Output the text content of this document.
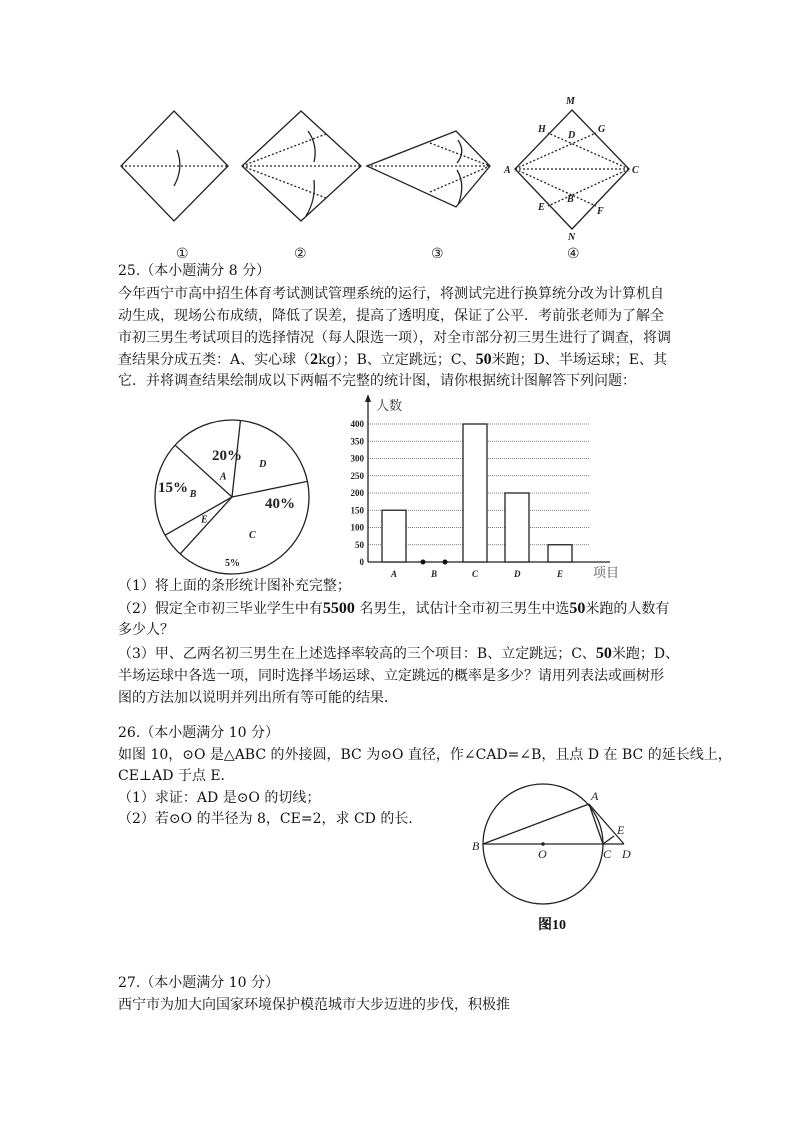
M
H
D
G
A	C
E
B
F
N
①	②	③	④
25.（本小题满分 8 分）
今年西宁市高中招生体育考试测试管理系统的运行，将测试完进行换算统分改为计算机自
动生成，现场公布成绩，降低了误差，提高了透明度，保证了公平．考前张老师为了解全
市初三男生考试项目的选择情况（每人限选一项），对全市部分初三男生进行了调查，将调
查结果分成五类：A、实心球（2kg）；B、立定跳远；C、50米跑；D、半场运球；E、其
它．并将调查结果绘制成以下两幅不完整的统计图，请你根据统计图解答下列问题：
A
15%
D
20%
C
40%
E
5%
B
0
50
100
150
200
250
300
350
400
人数
项目
A	B	C	D	E
（1）将上面的条形统计图补充完整；
（2）假定全市初三毕业学生中有5500 名男生，试估计全市初三男生中选50米跑的人数有
多少人？
（3）甲、乙两名初三男生在上述选择率较高的三个项目：B、立定跳远；C、50米跑；D、
半场运球中各选一项，同时选择半场运球、立定跳远的概率是多少？请用列表法或画树形
图的方法加以说明并列出所有等可能的结果．
26.（本小题满分 10 分）
如图 10，⊙O 是△ABC 的外接圆，BC 为⊙O 直径，作∠CAD=∠B，且点 D 在 BC 的延长线上，
CE⊥AD 于点 E．
（1）求证：AD 是⊙O 的切线；
（2）若⊙O 的半径为 8，CE=2，求 CD 的长．
A
B
O	C D
E
图10
27.（本小题满分 10 分）
西宁市为加大向国家环境保护模范城市大步迈进的步伐，积极推
